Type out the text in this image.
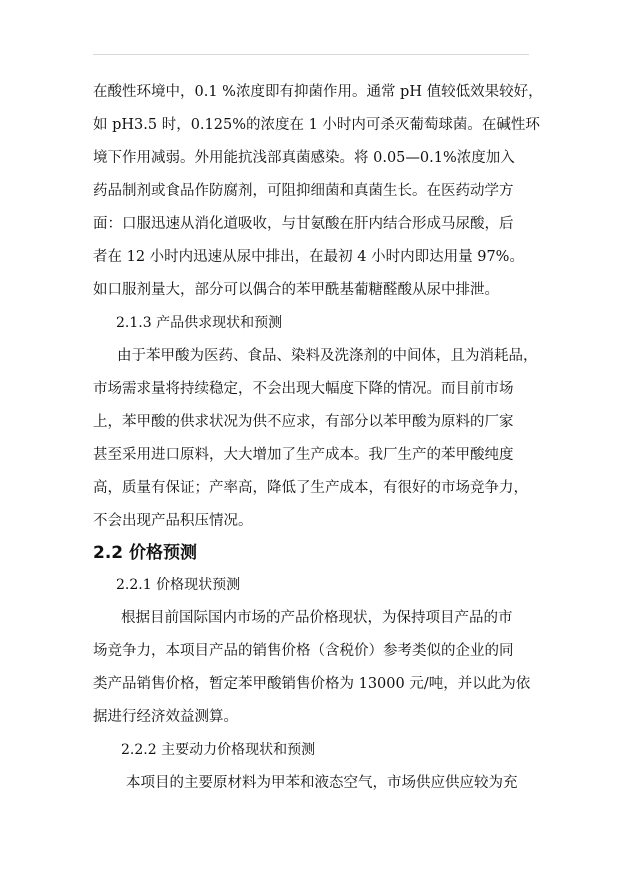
在酸性环境中，0.1 %浓度即有抑菌作用。通常 pH 值较低效果较好，
如 pH3.5 时，0.125%的浓度在 1 小时内可杀灭葡萄球菌。在碱性环
境下作用减弱。外用能抗浅部真菌感染。将 0.05—0.1%浓度加入
药品制剂或食品作防腐剂，可阻抑细菌和真菌生长。在医药动学方
面：口服迅速从消化道吸收，与甘氨酸在肝内结合形成马尿酸，后
者在 12 小时内迅速从尿中排出，在最初 4 小时内即达用量 97%。
如口服剂量大，部分可以偶合的苯甲酰基葡糖醛酸从尿中排泄。
2.1.3 产品供求现状和预测
由于苯甲酸为医药、食品、染料及洗涤剂的中间体，且为消耗品，
市场需求量将持续稳定，不会出现大幅度下降的情况。而目前市场
上，苯甲酸的供求状况为供不应求，有部分以苯甲酸为原料的厂家
甚至采用进口原料，大大增加了生产成本。我厂生产的苯甲酸纯度
高，质量有保证；产率高，降低了生产成本，有很好的市场竞争力，
不会出现产品积压情况。
2.2 价格预测
2.2.1 价格现状预测
根据目前国际国内市场的产品价格现状，为保持项目产品的市
场竞争力，本项目产品的销售价格（含税价）参考类似的企业的同
类产品销售价格，暂定苯甲酸销售价格为 13000 元/吨，并以此为依
据进行经济效益测算。
2.2.2 主要动力价格现状和预测
本项目的主要原材料为甲苯和液态空气，市场供应供应较为充
